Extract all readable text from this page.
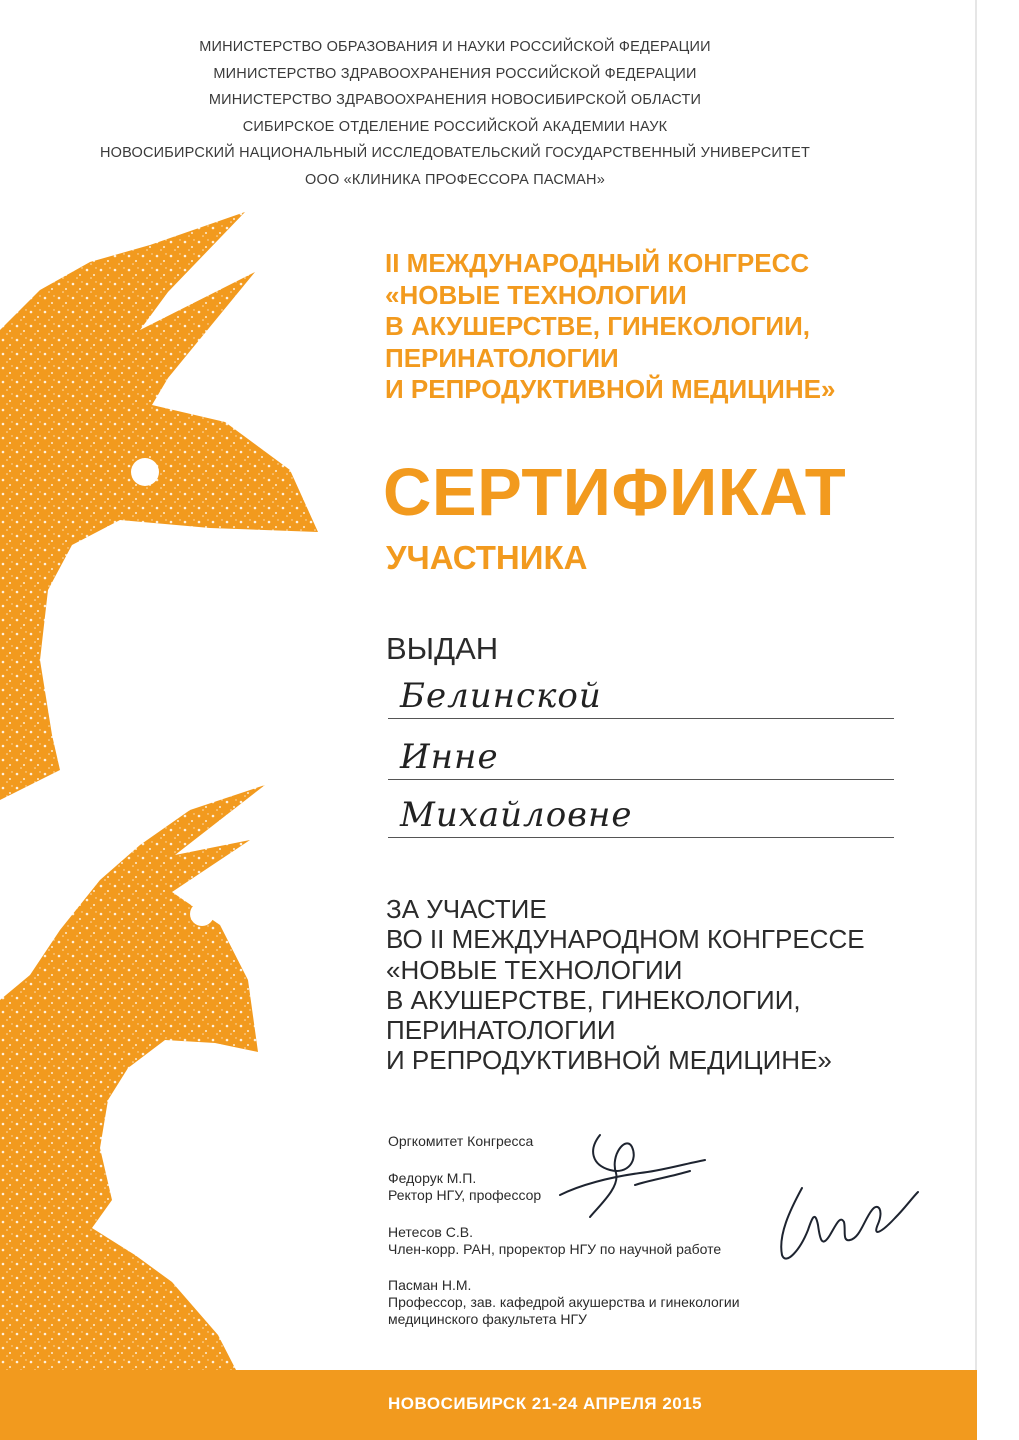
МИНИСТЕРСТВО ОБРАЗОВАНИЯ И НАУКИ РОССИЙСКОЙ ФЕДЕРАЦИИ
МИНИСТЕРСТВО ЗДРАВООХРАНЕНИЯ РОССИЙСКОЙ ФЕДЕРАЦИИ
МИНИСТЕРСТВО ЗДРАВООХРАНЕНИЯ НОВОСИБИРСКОЙ ОБЛАСТИ
СИБИРСКОЕ ОТДЕЛЕНИЕ РОССИЙСКОЙ АКАДЕМИИ НАУК
НОВОСИБИРСКИЙ НАЦИОНАЛЬНЫЙ ИССЛЕДОВАТЕЛЬСКИЙ ГОСУДАРСТВЕННЫЙ УНИВЕРСИТЕТ
ООО «КЛИНИКА ПРОФЕССОРА ПАСМАН»
II МЕЖДУНАРОДНЫЙ КОНГРЕСС
«НОВЫЕ ТЕХНОЛОГИИ
В АКУШЕРСТВЕ, ГИНЕКОЛОГИИ,
ПЕРИНАТОЛОГИИ
И РЕПРОДУКТИВНОЙ МЕДИЦИНЕ»
СЕРТИФИКАТ
УЧАСТНИКА
ВЫДАН
Белинской
Инне
Михайловне
ЗА УЧАСТИЕ
ВО II МЕЖДУНАРОДНОМ КОНГРЕССЕ
«НОВЫЕ ТЕХНОЛОГИИ
В АКУШЕРСТВЕ, ГИНЕКОЛОГИИ,
ПЕРИНАТОЛОГИИ
И РЕПРОДУКТИВНОЙ МЕДИЦИНЕ»
Оргкомитет Конгресса
Федорук М.П.
Ректор НГУ, профессор
Нетесов С.В.
Член-корр. РАН, проректор НГУ по научной работе
Пасман Н.М.
Профессор, зав. кафедрой акушерства и гинекологии
медицинского факультета НГУ
НОВОСИБИРСК 21-24 АПРЕЛЯ 2015
